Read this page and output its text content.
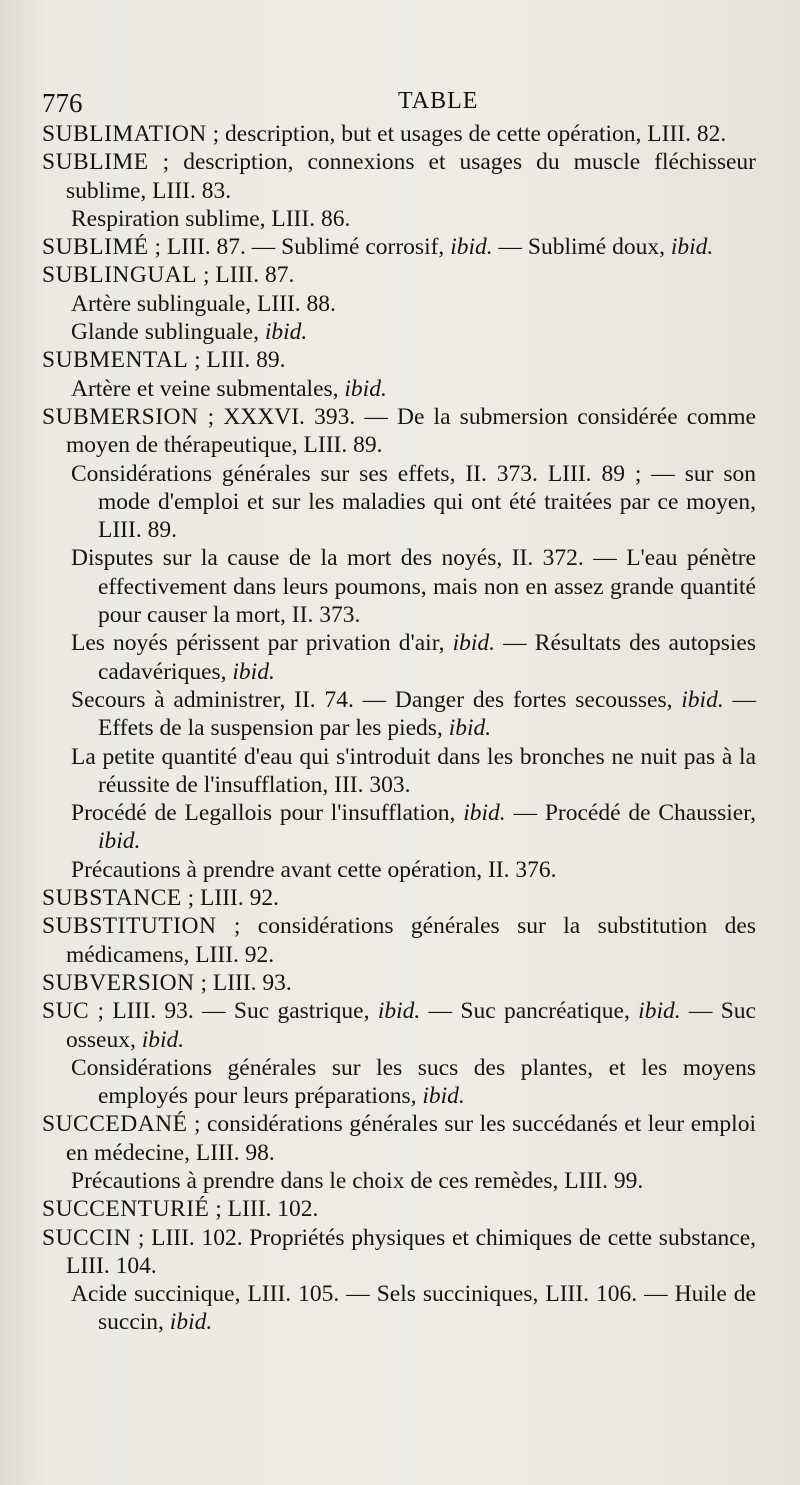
776	TABLE
SUBLIMATION ; description, but et usages de cette opération, LIII. 82.
SUBLIME ; description, connexions et usages du muscle fléchisseur sublime, LIII. 83.
Respiration sublime, LIII. 86.
SUBLIMÉ ; LIII. 87. — Sublimé corrosif, ibid. — Sublimé doux, ibid.
SUBLINGUAL ; LIII. 87.
Artère sublinguale, LIII. 88.
Glande sublinguale, ibid.
SUBMENTAL ; LIII. 89.
Artère et veine submentales, ibid.
SUBMERSION ; XXXVI. 393. — De la submersion considérée comme moyen de thérapeutique, LIII. 89.
Considérations générales sur ses effets, II. 373. LIII. 89 ; — sur son mode d'emploi et sur les maladies qui ont été traitées par ce moyen, LIII. 89.
Disputes sur la cause de la mort des noyés, II. 372. — L'eau pénètre effectivement dans leurs poumons, mais non en assez grande quantité pour causer la mort, II. 373.
Les noyés périssent par privation d'air, ibid. — Résultats des autopsies cadavériques, ibid.
Secours à administrer, II. 74. — Danger des fortes secousses, ibid. — Effets de la suspension par les pieds, ibid.
La petite quantité d'eau qui s'introduit dans les bronches ne nuit pas à la réussite de l'insufflation, III. 303.
Procédé de Legallois pour l'insufflation, ibid. — Procédé de Chaussier, ibid.
Précautions à prendre avant cette opération, II. 376.
SUBSTANCE ; LIII. 92.
SUBSTITUTION ; considérations générales sur la substitution des médicamens, LIII. 92.
SUBVERSION ; LIII. 93.
SUC ; LIII. 93. — Suc gastrique, ibid. — Suc pancréatique, ibid. — Suc osseux, ibid.
Considérations générales sur les sucs des plantes, et les moyens employés pour leurs préparations, ibid.
SUCCEDANÉ ; considérations générales sur les succédanés et leur emploi en médecine, LIII. 98.
Précautions à prendre dans le choix de ces remèdes, LIII. 99.
SUCCENTURIÉ ; LIII. 102.
SUCCIN ; LIII. 102. Propriétés physiques et chimiques de cette substance, LIII. 104.
Acide succinique, LIII. 105. — Sels succiniques, LIII. 106. — Huile de succin, ibid.
